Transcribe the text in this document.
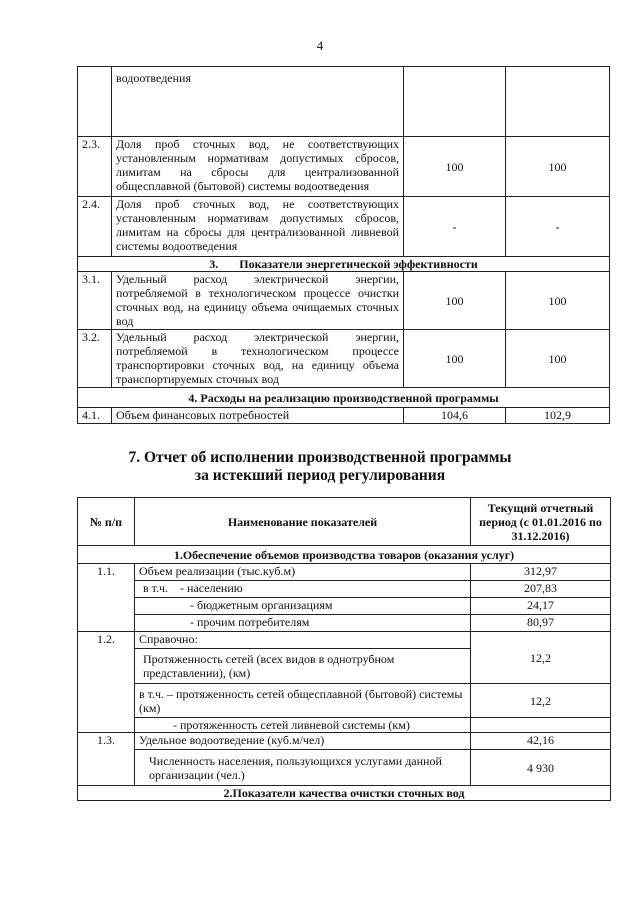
4
	водоотведения		
2.3.	Доля проб сточных вод, не соответствующих установленным нормативам допустимых сбросов, лимитам на сбросы для централизованной общесплавной (бытовой) системы водоотведения	100	100
2.4.	Доля проб сточных вод, не соответствующих установленным нормативам допустимых сбросов, лимитам на сбросы для централизованной ливневой системы водоотведения	-	-
3.       Показатели энергетической эффективности			
3.1.	Удельный расход электрической энергии, потребляемой в технологическом процессе очистки сточных вод, на единицу объема очищаемых сточных вод	100	100
3.2.	Удельный расход электрической энергии, потребляемой в технологическом процессе транспортировки сточных вод, на единицу объема транспортируемых сточных вод	100	100
4. Расходы на реализацию производственной программы			
4.1.	Объем финансовых потребностей	104,6	102,9
7. Отчет об исполнении производственной программы
за истекший период регулирования
№ п/п	Наименование показателей	Текущий отчетный период (с 01.01.2016 по 31.12.2016)
1.Обеспечение объемов производства товаров (оказания услуг)		
1.1.	Объем реализации (тыс.куб.м)	312,97
	в т.ч.    - населению	207,83
	- бюджетным организациям	24,17
	- прочим потребителям	80,97
1.2.	Справочно:	12,2
	Протяженность сетей (всех видов в однотрубном представлении), (км)	
	в т.ч. – протяженность сетей общесплавной (бытовой) системы (км)	12,2
	- протяженность сетей ливневой системы (км)	
1.3.	Удельное водоотведение (куб.м/чел)	42,16
	Численность населения, пользующихся услугами данной организации (чел.)	4 930
2.Показатели качества очистки сточных вод		
